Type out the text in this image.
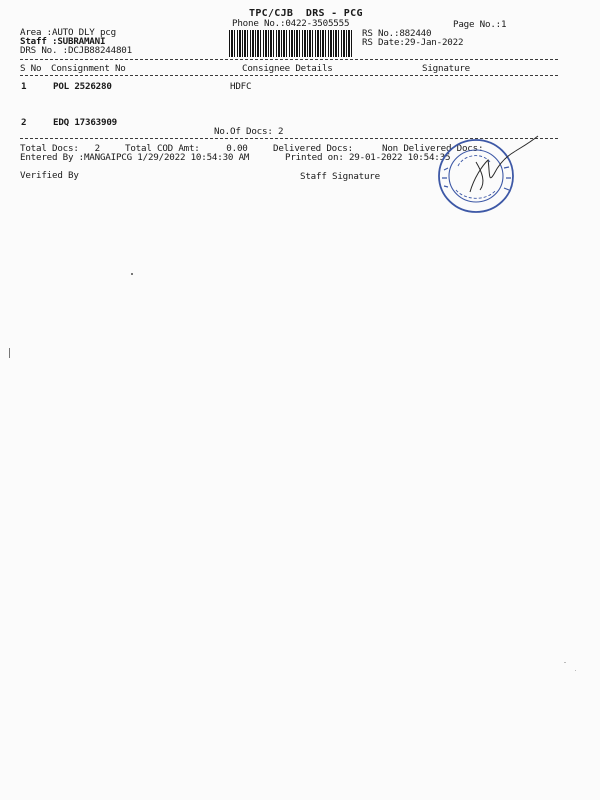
TPC/CJB  DRS - PCG
Phone No.:0422-3505555	Page No.:1
Area :AUTO DLY pcg
Staff :SUBRAMANI
DRS No. :DCJB88244801
RS No.:882440
RS Date:29-Jan-2022
S No Consignment No	Consignee Details	Signature
1	POL 2526280	HDFC
2	EDQ 17363909
No.Of Docs: 2
Total Docs:   2	Total COD Amt:     0.00	Delivered Docs:	Non Delivered Docs:
Entered By :MANGAIPCG 1/29/2022 10:54:30 AM	Printed on: 29-01-2022 10:54:35
Verified By	Staff Signature
